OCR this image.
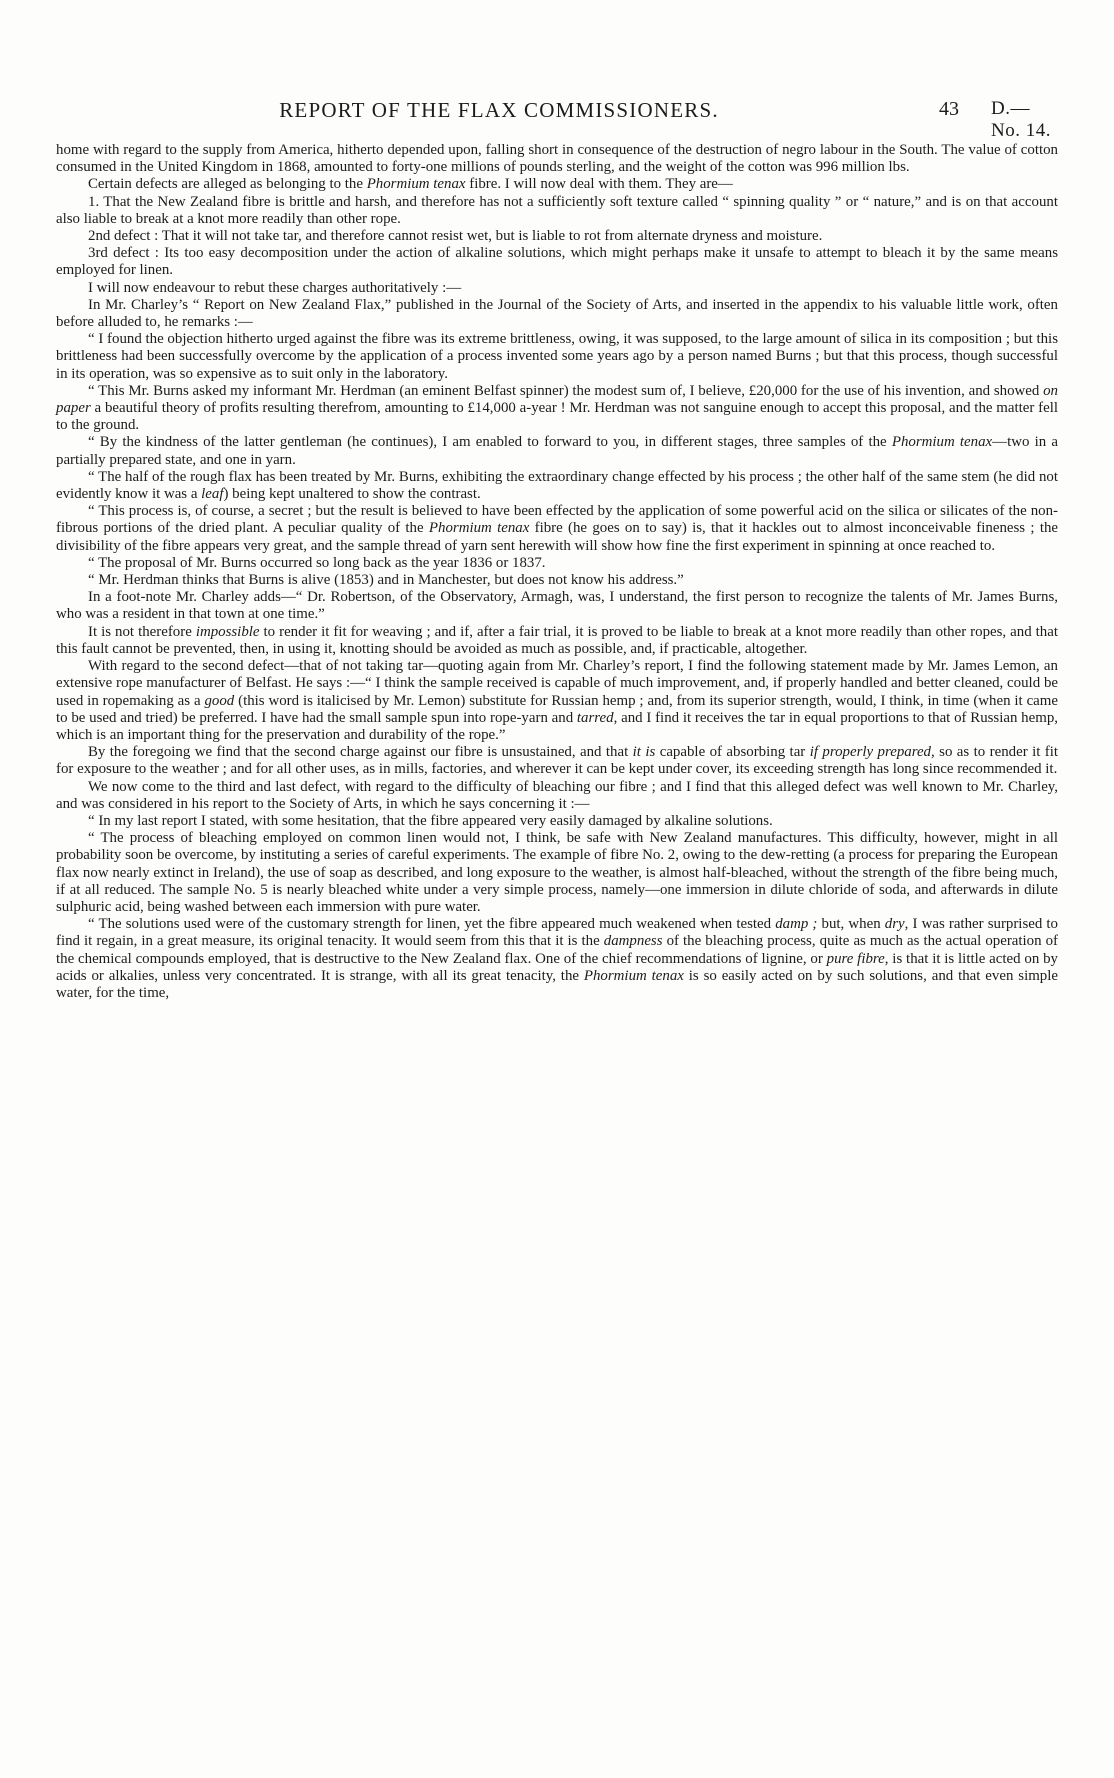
REPORT OF THE FLAX COMMISSIONERS.	43 D.—No. 14.

home with regard to the supply from America, hitherto depended upon, falling short in consequence of the destruction of negro labour in the South. The value of cotton consumed in the United Kingdom in 1868, amounted to forty-one millions of pounds sterling, and the weight of the cotton was 996 million lbs.

Certain defects are alleged as belonging to the Phormium tenax fibre. I will now deal with them. They are—

1. That the New Zealand fibre is brittle and harsh, and therefore has not a sufficiently soft texture called “ spinning quality ” or “ nature,” and is on that account also liable to break at a knot more readily than other rope.

2nd defect : That it will not take tar, and therefore cannot resist wet, but is liable to rot from alternate dryness and moisture.

3rd defect : Its too easy decomposition under the action of alkaline solutions, which might perhaps make it unsafe to attempt to bleach it by the same means employed for linen.

I will now endeavour to rebut these charges authoritatively :—

In Mr. Charley’s “ Report on New Zealand Flax,” published in the Journal of the Society of Arts, and inserted in the appendix to his valuable little work, often before alluded to, he remarks :—

“ I found the objection hitherto urged against the fibre was its extreme brittleness, owing, it was supposed, to the large amount of silica in its composition ; but this brittleness had been successfully overcome by the application of a process invented some years ago by a person named Burns ; but that this process, though successful in its operation, was so expensive as to suit only in the laboratory.

“ This Mr. Burns asked my informant Mr. Herdman (an eminent Belfast spinner) the modest sum of, I believe, £20,000 for the use of his invention, and showed on paper a beautiful theory of profits resulting therefrom, amounting to £14,000 a-year ! Mr. Herdman was not sanguine enough to accept this proposal, and the matter fell to the ground.

“ By the kindness of the latter gentleman (he continues), I am enabled to forward to you, in different stages, three samples of the Phormium tenax—two in a partially prepared state, and one in yarn.

“ The half of the rough flax has been treated by Mr. Burns, exhibiting the extraordinary change effected by his process ; the other half of the same stem (he did not evidently know it was a leaf) being kept unaltered to show the contrast.

“ This process is, of course, a secret ; but the result is believed to have been effected by the application of some powerful acid on the silica or silicates of the non-fibrous portions of the dried plant. A peculiar quality of the Phormium tenax fibre (he goes on to say) is, that it hackles out to almost inconceivable fineness ; the divisibility of the fibre appears very great, and the sample thread of yarn sent herewith will show how fine the first experiment in spinning at once reached to.

“ The proposal of Mr. Burns occurred so long back as the year 1836 or 1837.

“ Mr. Herdman thinks that Burns is alive (1853) and in Manchester, but does not know his address.”

In a foot-note Mr. Charley adds—“ Dr. Robertson, of the Observatory, Armagh, was, I understand, the first person to recognize the talents of Mr. James Burns, who was a resident in that town at one time.”

It is not therefore impossible to render it fit for weaving ; and if, after a fair trial, it is proved to be liable to break at a knot more readily than other ropes, and that this fault cannot be prevented, then, in using it, knotting should be avoided as much as possible, and, if practicable, altogether.

With regard to the second defect—that of not taking tar—quoting again from Mr. Charley’s report, I find the following statement made by Mr. James Lemon, an extensive rope manufacturer of Belfast. He says :—“ I think the sample received is capable of much improvement, and, if properly handled and better cleaned, could be used in ropemaking as a good (this word is italicised by Mr. Lemon) substitute for Russian hemp ; and, from its superior strength, would, I think, in time (when it came to be used and tried) be preferred. I have had the small sample spun into rope-yarn and tarred, and I find it receives the tar in equal proportions to that of Russian hemp, which is an important thing for the preservation and durability of the rope.”

By the foregoing we find that the second charge against our fibre is unsustained, and that it is capable of absorbing tar if properly prepared, so as to render it fit for exposure to the weather ; and for all other uses, as in mills, factories, and wherever it can be kept under cover, its exceeding strength has long since recommended it.

We now come to the third and last defect, with regard to the difficulty of bleaching our fibre ; and I find that this alleged defect was well known to Mr. Charley, and was considered in his report to the Society of Arts, in which he says concerning it :—

“ In my last report I stated, with some hesitation, that the fibre appeared very easily damaged by alkaline solutions.

“ The process of bleaching employed on common linen would not, I think, be safe with New Zealand manufactures. This difficulty, however, might in all probability soon be overcome, by instituting a series of careful experiments. The example of fibre No. 2, owing to the dew-retting (a process for preparing the European flax now nearly extinct in Ireland), the use of soap as described, and long exposure to the weather, is almost half-bleached, without the strength of the fibre being much, if at all reduced. The sample No. 5 is nearly bleached white under a very simple process, namely—one immersion in dilute chloride of soda, and afterwards in dilute sulphuric acid, being washed between each immersion with pure water.

“ The solutions used were of the customary strength for linen, yet the fibre appeared much weakened when tested damp ; but, when dry, I was rather surprised to find it regain, in a great measure, its original tenacity. It would seem from this that it is the dampness of the bleaching process, quite as much as the actual operation of the chemical compounds employed, that is destructive to the New Zealand flax. One of the chief recommendations of lignine, or pure fibre, is that it is little acted on by acids or alkalies, unless very concentrated. It is strange, with all its great tenacity, the Phormium tenax is so easily acted on by such solutions, and that even simple water, for the time,
